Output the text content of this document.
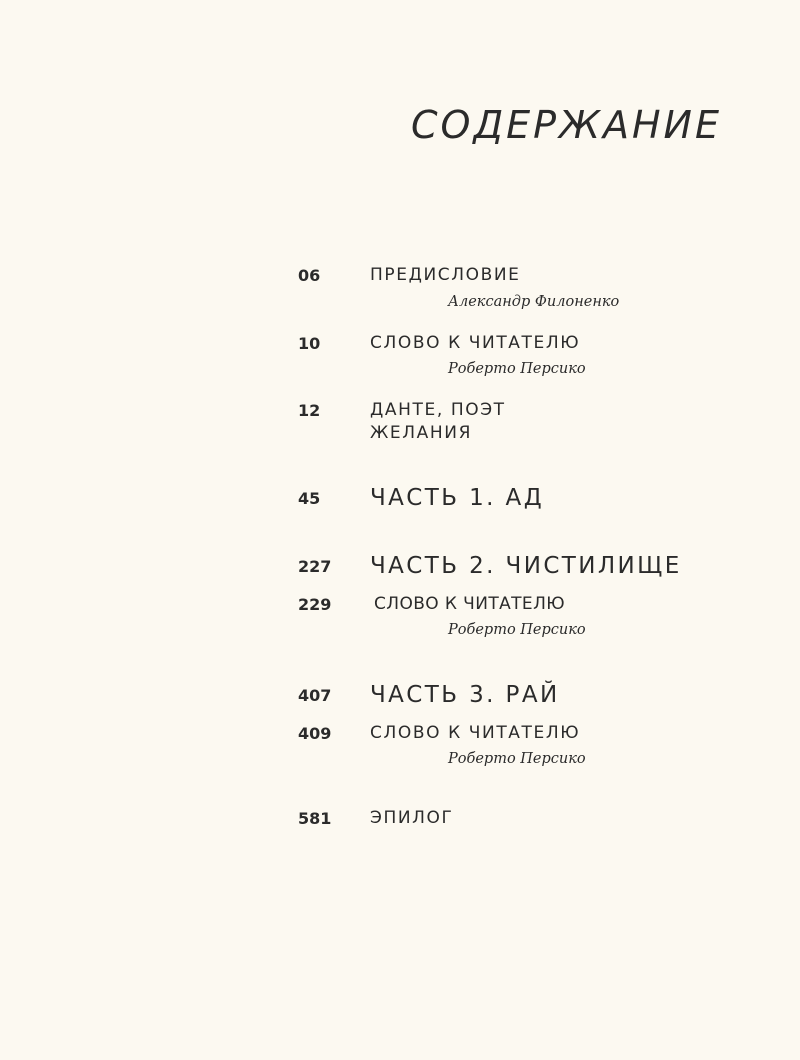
СОДЕРЖАНИЕ
06	ПРЕДИСЛОВИЕ
Александр Филоненко
10	СЛОВО К ЧИТАТЕЛЮ
Роберто Персико
12	ДАНТЕ, ПОЭТ
ЖЕЛАНИЯ
45 ЧАСТЬ 1. АД
227 ЧАСТЬ 2. ЧИСТИЛИЩЕ
229	СЛОВО К ЧИТАТЕЛЮ
Роберто Персико
407 ЧАСТЬ 3. РАЙ
409 СЛОВО К ЧИТАТЕЛЮ
Роберто Персико
581 ЭПИЛОГ
